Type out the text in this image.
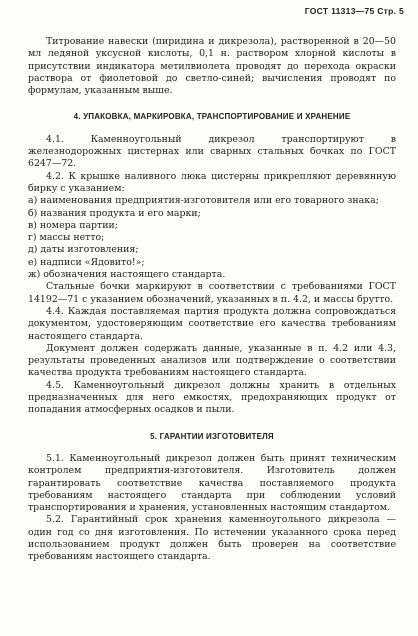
ГОСТ 11313—75 Стр. 5

Титрование навески (пиридина и дикрезола), растворенной в 20—50 мл ледяной уксусной кислоты, 0,1 н. раствором хлорной кислоты в присутствии индикатора метилвиолета проводят до перехода окраски раствора от фиолетовой до светло-синей; вычисления проводят по формулам, указанным выше.

4. УПАКОВКА, МАРКИРОВКА, ТРАНСПОРТИРОВАНИЕ И ХРАНЕНИЕ

4.1. Каменноугольный дикрезол транспортируют в железнодорожных цистернах или сварных стальных бочках по ГОСТ 6247—72.

4.2. К крышке наливного люка цистерны прикрепляют деревянную бирку с указанием:

а) наименования предприятия-изготовителя или его товарного знака;

б) названия продукта и его марки;

в) номера партии;

г) массы нетто;

д) даты изготовления;

е) надписи «Ядовито!»;

ж) обозначения настоящего стандарта.

Стальные бочки маркируют в соответствии с требованиями ГОСТ 14192—71 с указанием обозначений, указанных в п. 4.2, и массы брутто.

4.4. Каждая поставляемая партия продукта должна сопровождаться документом, удостоверяющим соответствие его качества требованиям настоящего стандарта.

Документ должен содержать данные, указанные в п. 4.2 или 4.3, результаты проведенных анализов или подтверждение о соответствии качества продукта требованиям настоящего стандарта.

4.5. Каменноугольный дикрезол должны хранить в отдельных предназначенных для него емкостях, предохраняющих продукт от попадания атмосферных осадков и пыли.

5. ГАРАНТИИ ИЗГОТОВИТЕЛЯ

5.1. Каменноугольный дикрезол должен быть принят техническим контролем предприятия-изготовителя. Изготовитель должен гарантировать соответствие качества поставляемого продукта требованиям настоящего стандарта при соблюдении условий транспортирования и хранения, установленных настоящим стандартом.

5.2. Гарантийный срок хранения каменноугольного дикрезола — один год со дня изготовления. По истечении указанного срока перед использованием продукт должен быть проверен на соответствие требованиям настоящего стандарта.
